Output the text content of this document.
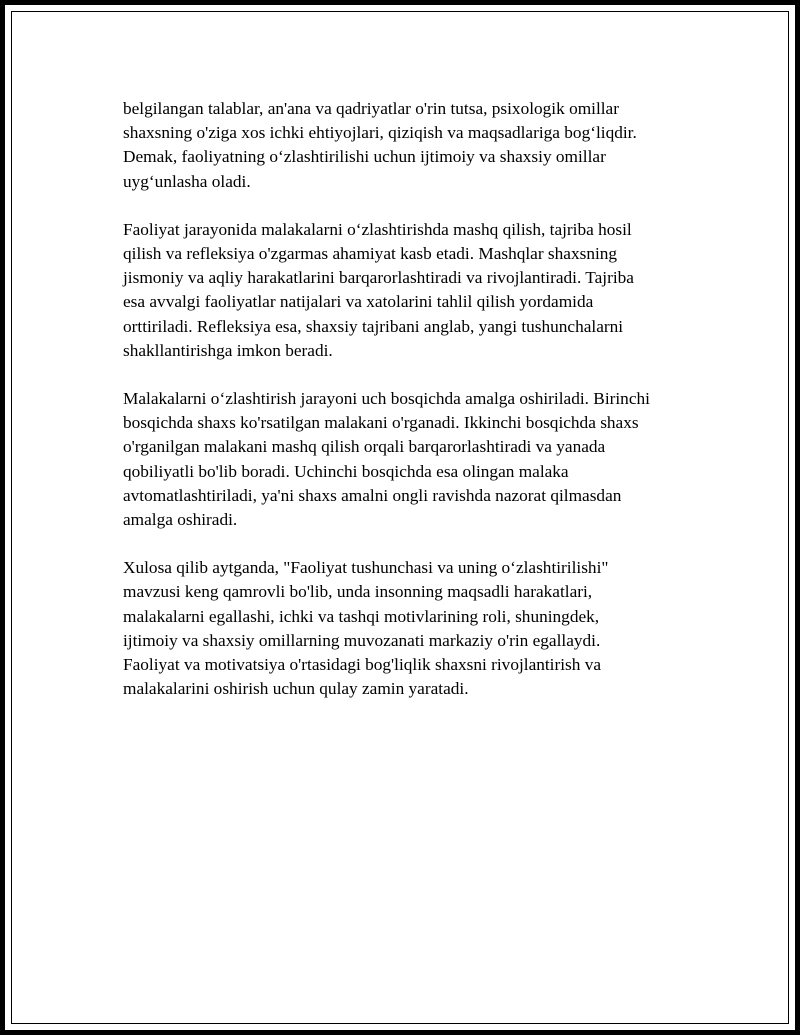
belgilangan talablar, an'ana va qadriyatlar o'rin tutsa, psixologik omillar
shaxsning o'ziga xos ichki ehtiyojlari, qiziqish va maqsadlariga bog‘liqdir.
Demak, faoliyatning o‘zlashtirilishi uchun ijtimoiy va shaxsiy omillar
uyg‘unlasha oladi.

Faoliyat jarayonida malakalarni o‘zlashtirishda mashq qilish, tajriba hosil
qilish va refleksiya o'zgarmas ahamiyat kasb etadi. Mashqlar shaxsning
jismoniy va aqliy harakatlarini barqarorlashtiradi va rivojlantiradi. Tajriba
esa avvalgi faoliyatlar natijalari va xatolarini tahlil qilish yordamida
orttiriladi. Refleksiya esa, shaxsiy tajribani anglab, yangi tushunchalarni
shakllantirishga imkon beradi.

Malakalarni o‘zlashtirish jarayoni uch bosqichda amalga oshiriladi. Birinchi
bosqichda shaxs ko'rsatilgan malakani o'rganadi. Ikkinchi bosqichda shaxs
o'rganilgan malakani mashq qilish orqali barqarorlashtiradi va yanada
qobiliyatli bo'lib boradi. Uchinchi bosqichda esa olingan malaka
avtomatlashtiriladi, ya'ni shaxs amalni ongli ravishda nazorat qilmasdan
amalga oshiradi.

Xulosa qilib aytganda, "Faoliyat tushunchasi va uning o‘zlashtirilishi"
mavzusi keng qamrovli bo'lib, unda insonning maqsadli harakatlari,
malakalarni egallashi, ichki va tashqi motivlarining roli, shuningdek,
ijtimoiy va shaxsiy omillarning muvozanati markaziy o'rin egallaydi.
Faoliyat va motivatsiya o'rtasidagi bog'liqlik shaxsni rivojlantirish va
malakalarini oshirish uchun qulay zamin yaratadi.
